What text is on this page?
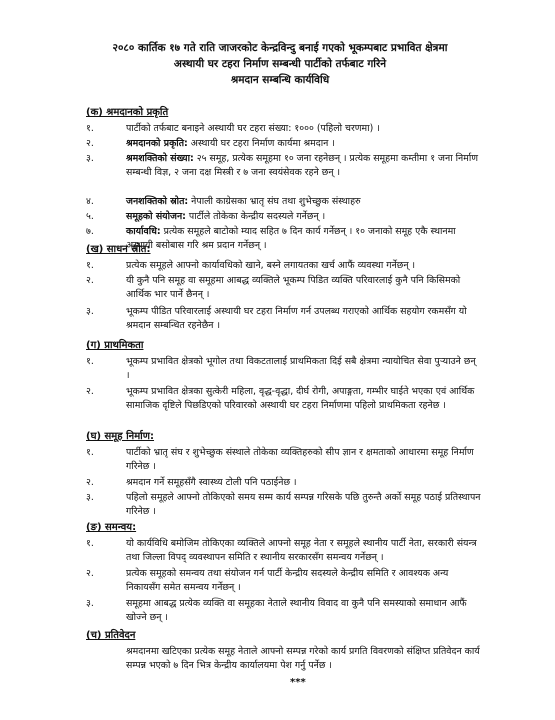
२०८० कार्तिक १७ गते राति जाजरकोट केन्द्रविन्दु बनाई गएको भूकम्पबाट प्रभावित क्षेत्रमा
अस्थायी घर टहरा निर्माण सम्बन्धी पार्टीको तर्फबाट गरिने
श्रमदान सम्बन्धि कार्यविधि
(क) श्रमदानको प्रकृति
१.	पार्टीको तर्फबाट बनाइने अस्थायी घर टहरा संख्या: १००० (पहिलो चरणमा) ।
२.	श्रमदानको प्रकृति: अस्थायी घर टहरा निर्माण कार्यमा श्रमदान ।
३.	श्रमशक्तिको संख्या: २५ समूह, प्रत्येक समूहमा १० जना रहनेछन् । प्रत्येक समूहमा कम्तीमा १ जना निर्माण सम्बन्धी विज्ञ, २ जना दक्ष मिस्त्री र ७ जना स्वयंसेवक रहने छन् ।
४.	जनशक्तिको स्रोत: नेपाली काग्रेसका भ्रातृ संघ तथा शुभेच्छुक संस्थाहरु
५.	समूहको संयोजन: पार्टीले तोकेका केन्द्रीय सदस्यले गर्नेछन् ।
७.	कार्यावधि: प्रत्येक समूहले बाटोको म्याद सहित ७ दिन कार्य गर्नेछन् । १० जनाको समूह एकै स्थानमा अस्थायी बसोबास गरि श्रम प्रदान गर्नेछन् ।
(ख) साधन स्रोत:
१.	प्रत्येक समूहले आफ्नो कार्यावधिको खाने, बस्ने लगायतका खर्च आफैं व्यवस्था गर्नेछन् ।
२.	यी कुनै पनि समूह वा समूहमा आबद्ध व्यक्तिले भूकम्प पिडित व्यक्ति परिवारलाई कुनै पनि किसिमको आर्थिक भार पार्ने छैनन् ।
३.	भूकम्प पीडित परिवारलाई अस्थायी घर टहरा निर्माण गर्न उपलब्ध गराएको आर्थिक सहयोग रकमसँग यो श्रमदान सम्बन्धित रहनेछैन ।
(ग) प्राथमिकता
१.	भूकम्प प्रभावित क्षेत्रको भूगोल तथा विकटतालाई प्राथमिकता दिई सबै क्षेत्रमा न्यायोचित सेवा पुऱ्याउने छन् ।
२.	भूकम्प प्रभावित क्षेत्रका सुत्केरी महिला, वृद्ध-वृद्धा, दीर्घ रोगी, अपाङ्गता, गम्भीर घाईते भएका एवं आर्थिक सामाजिक दृष्टिले पिछडिएको परिवारको अस्थायी घर टहरा निर्माणमा पहिलो प्राथमिकता रहनेछ ।
(घ) समूह निर्माण:
१.	पार्टीको भ्रातृ संघ र शुभेच्छुक संस्थाले तोकेका व्यक्तिहरुको सीप ज्ञान र क्षमताको आधारमा समूह निर्माण गरिनेछ ।
२.	श्रमदान गर्ने समूहसँगै स्वास्थ्य टोली पनि पठाईनेछ ।
३.	पहिलो समूहले आफ्नो तोकिएको समय सम्म कार्य सम्पन्न गरिसके पछि तुरुन्तै अर्को समूह पठाई प्रतिस्थापन गरिनेछ ।
(ङ) समन्वय:
१.	यो कार्यविधि बमोजिम तोकिएका व्यक्तिले आफ्नो समूह नेता र समूहले स्थानीय पार्टी नेता, सरकारी संयन्त्र तथा जिल्ला विपद् व्यवस्थापन समिति र स्थानीय सरकारसँग समन्वय गर्नेछन् ।
२.	प्रत्येक समूहको समन्वय तथा संयोजन गर्न पार्टी केन्द्रीय सदस्यले केन्द्रीय समिति र आवश्यक अन्य निकायसँग समेत समन्वय गर्नेछन् ।
३.	समूहमा आबद्ध प्रत्येक व्यक्ति वा समूहका नेताले स्थानीय विवाद वा कुनै पनि समस्याको समाधान आफैं खोज्ने छन् ।
(च) प्रतिवेदन
श्रमदानमा खटिएका प्रत्येक समूह नेताले आफ्नो सम्पन्न गरेको कार्य प्रगति विवरणको संक्षिप्त प्रतिवेदन कार्य सम्पन्न भएको ७ दिन भित्र केन्द्रीय कार्यालयमा पेश गर्नु पर्नेछ ।
***
